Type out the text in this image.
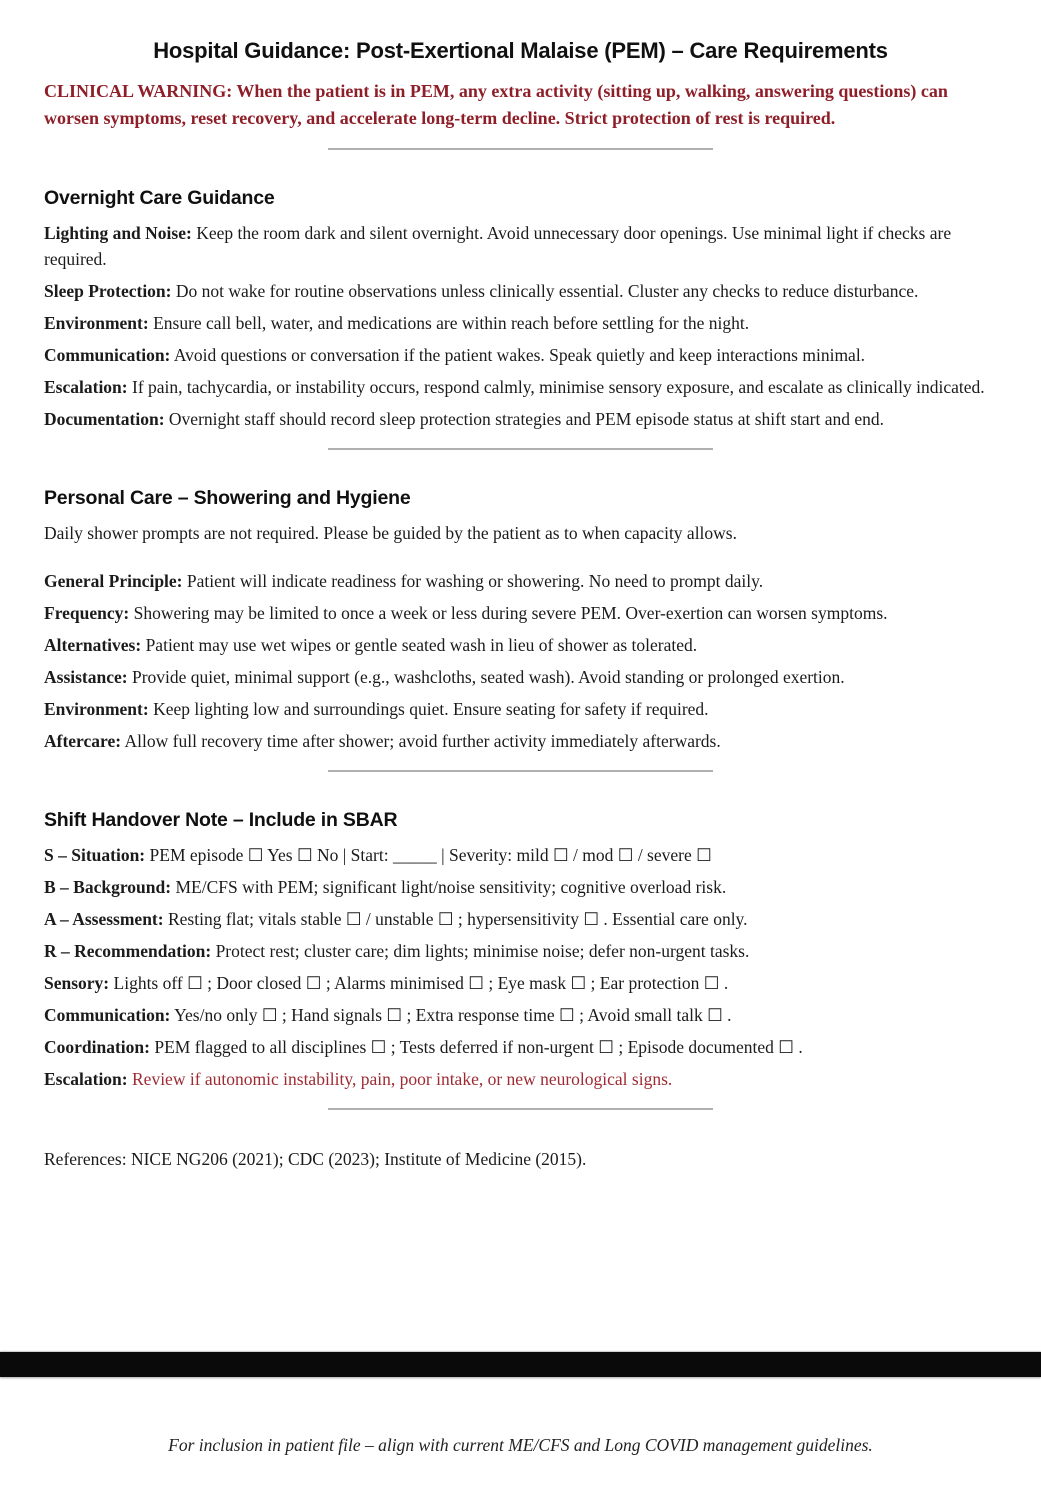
Hospital Guidance: Post-Exertional Malaise (PEM) – Care Requirements

CLINICAL WARNING: When the patient is in PEM, any extra activity (sitting up, walking, answering questions) can worsen symptoms, reset recovery, and accelerate long-term decline. Strict protection of rest is required.

Overnight Care Guidance

Lighting and Noise: Keep the room dark and silent overnight. Avoid unnecessary door openings. Use minimal light if checks are required.

Sleep Protection: Do not wake for routine observations unless clinically essential. Cluster any checks to reduce disturbance.

Environment: Ensure call bell, water, and medications are within reach before settling for the night.

Communication: Avoid questions or conversation if the patient wakes. Speak quietly and keep interactions minimal.

Escalation: If pain, tachycardia, or instability occurs, respond calmly, minimise sensory exposure, and escalate as clinically indicated.

Documentation: Overnight staff should record sleep protection strategies and PEM episode status at shift start and end.

Personal Care – Showering and Hygiene

Daily shower prompts are not required. Please be guided by the patient as to when capacity allows.

General Principle: Patient will indicate readiness for washing or showering. No need to prompt daily.

Frequency: Showering may be limited to once a week or less during severe PEM. Over-exertion can worsen symptoms.

Alternatives: Patient may use wet wipes or gentle seated wash in lieu of shower as tolerated.

Assistance: Provide quiet, minimal support (e.g., washcloths, seated wash). Avoid standing or prolonged exertion.

Environment: Keep lighting low and surroundings quiet. Ensure seating for safety if required.

Aftercare: Allow full recovery time after shower; avoid further activity immediately afterwards.

Shift Handover Note – Include in SBAR

S – Situation: PEM episode ☐ Yes ☐ No | Start: _____ | Severity: mild ☐ / mod ☐ / severe ☐

B – Background: ME/CFS with PEM; significant light/noise sensitivity; cognitive overload risk.

A – Assessment: Resting flat; vitals stable ☐ / unstable ☐ ; hypersensitivity ☐ . Essential care only.

R – Recommendation: Protect rest; cluster care; dim lights; minimise noise; defer non-urgent tasks.

Sensory: Lights off ☐ ; Door closed ☐ ; Alarms minimised ☐ ; Eye mask ☐ ; Ear protection ☐ .

Communication: Yes/no only ☐ ; Hand signals ☐ ; Extra response time ☐ ; Avoid small talk ☐ .

Coordination: PEM flagged to all disciplines ☐ ; Tests deferred if non-urgent ☐ ; Episode documented ☐ .

Escalation: Review if autonomic instability, pain, poor intake, or new neurological signs.

References: NICE NG206 (2021); CDC (2023); Institute of Medicine (2015).

For inclusion in patient file – align with current ME/CFS and Long COVID management guidelines.
